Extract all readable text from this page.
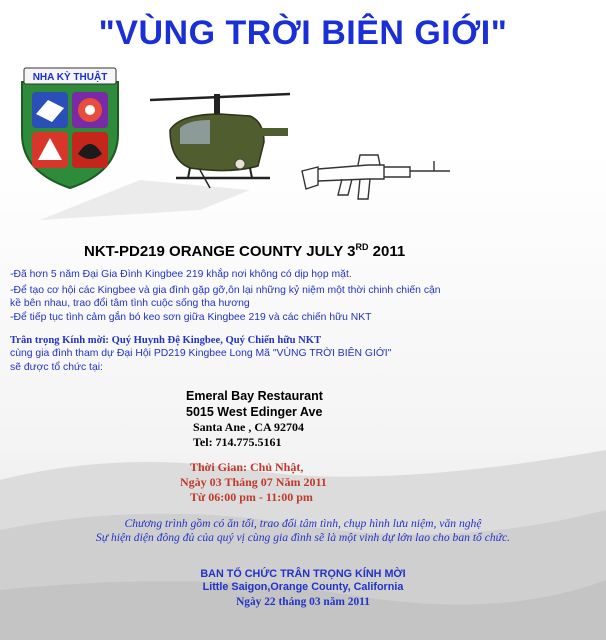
"VÙNG TRỜI BIÊN GIỚI"
NHA KỲ THUẬT
NKT-PD219 ORANGE COUNTY JULY 3RD 2011
-Đã hơn 5 năm Đại Gia Đình Kingbee 219 khắp nơi không có dịp họp mặt.
-Để tạo cơ hội các Kingbee và gia đình gặp gỡ,ôn lại những kỷ niệm một thời chinh chiến cận
kề bên nhau, trao đổi tâm tình cuộc sống tha hương
-Để tiếp tục tình cảm gắn bó keo sơn giữa Kingbee 219 và các chiến hữu NKT
Trân trọng Kính mời: Quý Huynh Đệ Kingbee, Quý Chiến hữu NKT
cùng gia đình tham dự Đại Hội PD219 Kingbee Long Mã "VÙNG TRỜI BIÊN GIỚI"
sẽ được tổ chức tại:
Emeral Bay Restaurant
5015 West Edinger Ave
Santa Ane , CA 92704
Tel: 714.775.5161
Thời Gian: Chủ Nhật,
Ngày 03 Tháng 07 Năm 2011
Từ 06:00 pm - 11:00 pm
Chương trình gồm có ăn tối, trao đổi tâm tình, chụp hình lưu niệm, văn nghệ
Sự hiện diện đông đủ của quý vị cùng gia đình sẽ là một vinh dự lớn lao cho ban tổ chức.
BAN TỔ CHỨC TRÂN TRỌNG KÍNH MỜI
Little Saigon,Orange County, California
Ngày 22 tháng 03 năm 2011
